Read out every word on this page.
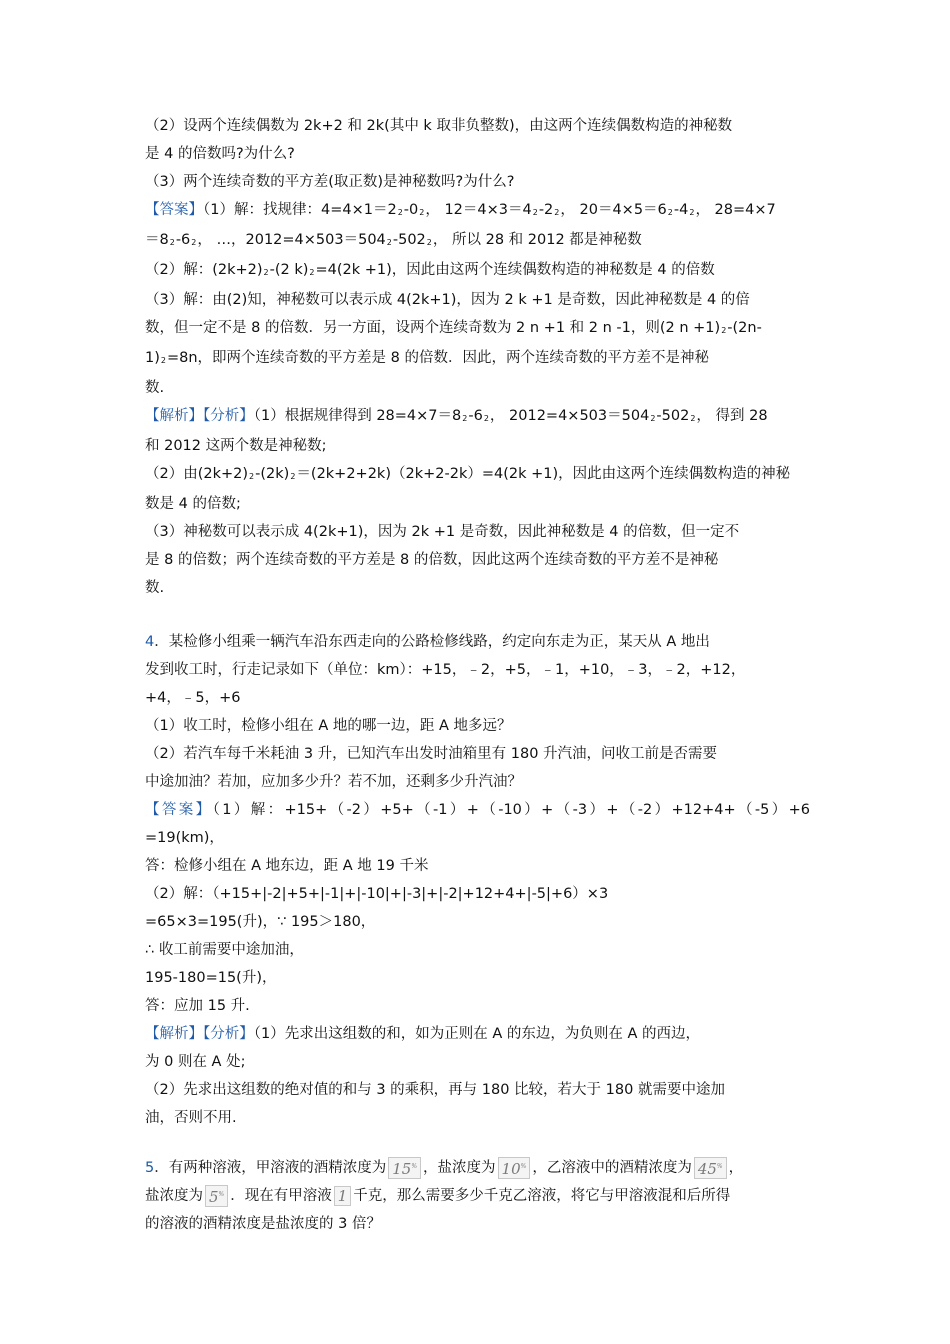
（2）设两个连续偶数为 2k+2 和 2k(其中 k 取非负整数)，由这两个连续偶数构造的神秘数
是 4 的倍数吗?为什么?

（3）两个连续奇数的平方差(取正数)是神秘数吗?为什么?

【答案】（1）解：找规律：$4=4\times 1=2_2-0_2$， $12=4\times 3=4_2-2_2$， $20=4\times 5=6_2-4_2$， 28=4×7
$=8_2-6_2$， …，$2012=4\times 503=504_2-502_2$， 所以 28 和 2012 都是神秘数

（2）解：$(2k+2)_2-(2$ $k)_2=4(2k +1)$，因此由这两个连续偶数构造的神秘数是 4 的倍数

（3）解：由(2)知，神秘数可以表示成 4(2k+1)，因为 2 k +1 是奇数，因此神秘数是 4 的倍
数，但一定不是 8 的倍数．另一方面，设两个连续奇数为 2 n +1 和 2 n -1，则(2 $n +1)_2-(2n-$
$1)_2=8n$，即两个连续奇数的平方差是 8 的倍数．因此，两个连续奇数的平方差不是神秘
数.

【解析】【分析】（1）根据规律得到 $28=4\times 7=8_2-6_2$， $2012=4\times 503=504_2-502_2$， 得到 28
和 2012 这两个数是神秘数;

（2）由$(2k+2)_2-(2k)_2=(2k+2+2k)(2k+2-2k)=4(2k +1)$，因此由这两个连续偶数构造的神秘
数是 4 的倍数;

（3）神秘数可以表示成 4(2k+1)，因为 2k +1 是奇数，因此神秘数是 4 的倍数，但一定不
是 8 的倍数；两个连续奇数的平方差是 8 的倍数，因此这两个连续奇数的平方差不是神秘
数.

4．某检修小组乘一辆汽车沿东西走向的公路检修线路，约定向东走为正，某天从 A 地出
发到收工时，行走记录如下（单位：km）：+15，﹣2，+5，﹣1，+10，﹣3，﹣2，+12，
+4，﹣5，+6

（1）收工时，检修小组在 A 地的哪一边，距 A 地多远？

（2）若汽车每千米耗油 3 升，已知汽车出发时油箱里有 180 升汽油，问收工前是否需要
中途加油？若加，应加多少升？若不加，还剩多少升汽油？

【答案】（1）解：+15+（-2）+5+（-1）+（-10）+（-3）+（-2）+12+4+（-5）+6 =19(km)，
答：检修小组在 A 地东边，距 A 地 19 千米

（2）解：（+15+|-2|+5+|-1|+|-10|+|-3|+|-2|+12+4+|-5|+6）×3
=65×3=195(升)，∵ 195＞180，
∴ 收工前需要中途加油，
195-180=15(升)，
答：应加 15 升.

【解析】【分析】（1）先求出这组数的和，如为正则在 A 的东边，为负则在 A 的西边，
为 0 则在 A 处;

（2）先求出这组数的绝对值的和与 3 的乘积，再与 180 比较，若大于 180 就需要中途加
油，否则不用.

5．有两种溶液，甲溶液的酒精浓度为 15% ，盐浓度为 10% ，乙溶液中的酒精浓度为 45% ，
盐浓度为 5% ．现在有甲溶液 1 千克，那么需要多少千克乙溶液，将它与甲溶液混和后所得
的溶液的酒精浓度是盐浓度的 3 倍？
